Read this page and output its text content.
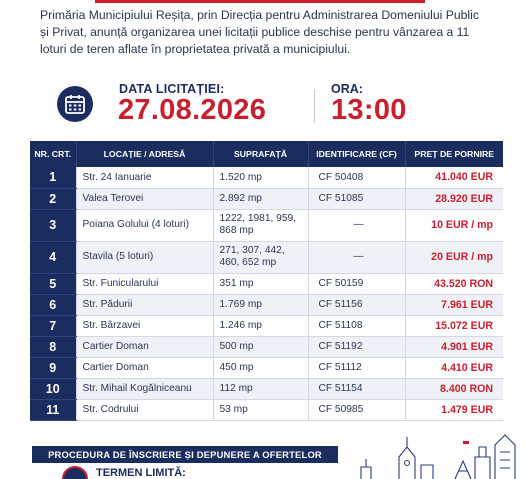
Primăria Municipiului Reșița, prin Direcția pentru Administrarea Domeniului Public și Privat, anunță organizarea unei licitații publice deschise pentru vânzarea a 11 loturi de teren aflate în proprietatea privată a municipiului.

DATA LICITAȚIEI:
27.08.2026
ORA:
13:00
NR. CRT.	LOCAȚIE / ADRESĂ	SUPRAFAȚĂ	IDENTIFICARE (CF)	PREȚ DE PORNIRE
1	Str. 24 Ianuarie	1.520 mp	CF 50408	41.040 EUR
2	Valea Terovei	2.892 mp	CF 51085	28.920 EUR
3	Poiana Golului (4 loturi)	1222, 1981, 959, 868 mp	—	10 EUR / mp
4	Stavila (5 loturi)	271, 307, 442, 460, 652 mp	—	20 EUR / mp
5	Str. Funicularului	351 mp	CF 50159	43.520 RON
6	Str. Pădurii	1.769 mp	CF 51156	7.961 EUR
7	Str. Bârzavei	1.246 mp	CF 51108	15.072 EUR
8	Cartier Doman	500 mp	CF 51192	4.901 EUR
9	Cartier Doman	450 mp	CF 51112	4.410 EUR
10	Str. Mihail Kogălniceanu	112 mp	CF 51154	8.400 RON
11	Str. Codrului	53 mp	CF 50985	1.479 EUR
PROCEDURA DE ÎNSCRIERE ȘI DEPUNERE A OFERTELOR
TERMEN LIMITĂ:
